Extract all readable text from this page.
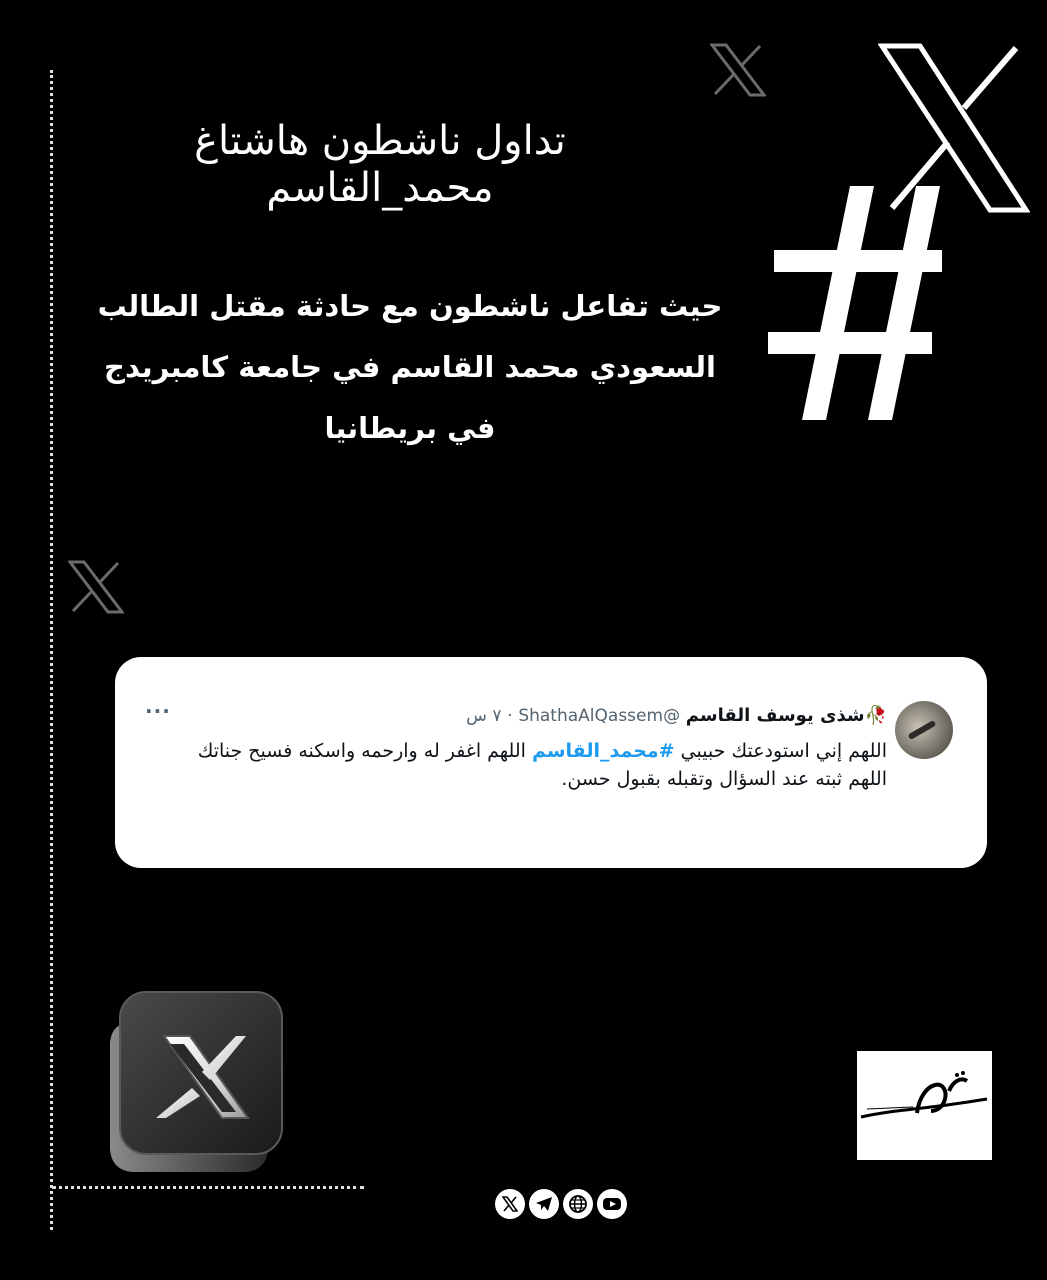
تداول ناشطون هاشتاغ
محمد_القاسم
حيث تفاعل ناشطون مع حادثة مقتل الطالب
السعودي محمد القاسم في جامعة كامبريدج
في بريطانيا
🥀شذى يوسف القاسم @ShathaAlQassem · ٧ س
···
اللهم إني استودعتك حبيبي #محمد_القاسم اللهم اغفر له وارحمه واسكنه فسيح جناتك
اللهم ثبته عند السؤال وتقبله بقبول حسن.
